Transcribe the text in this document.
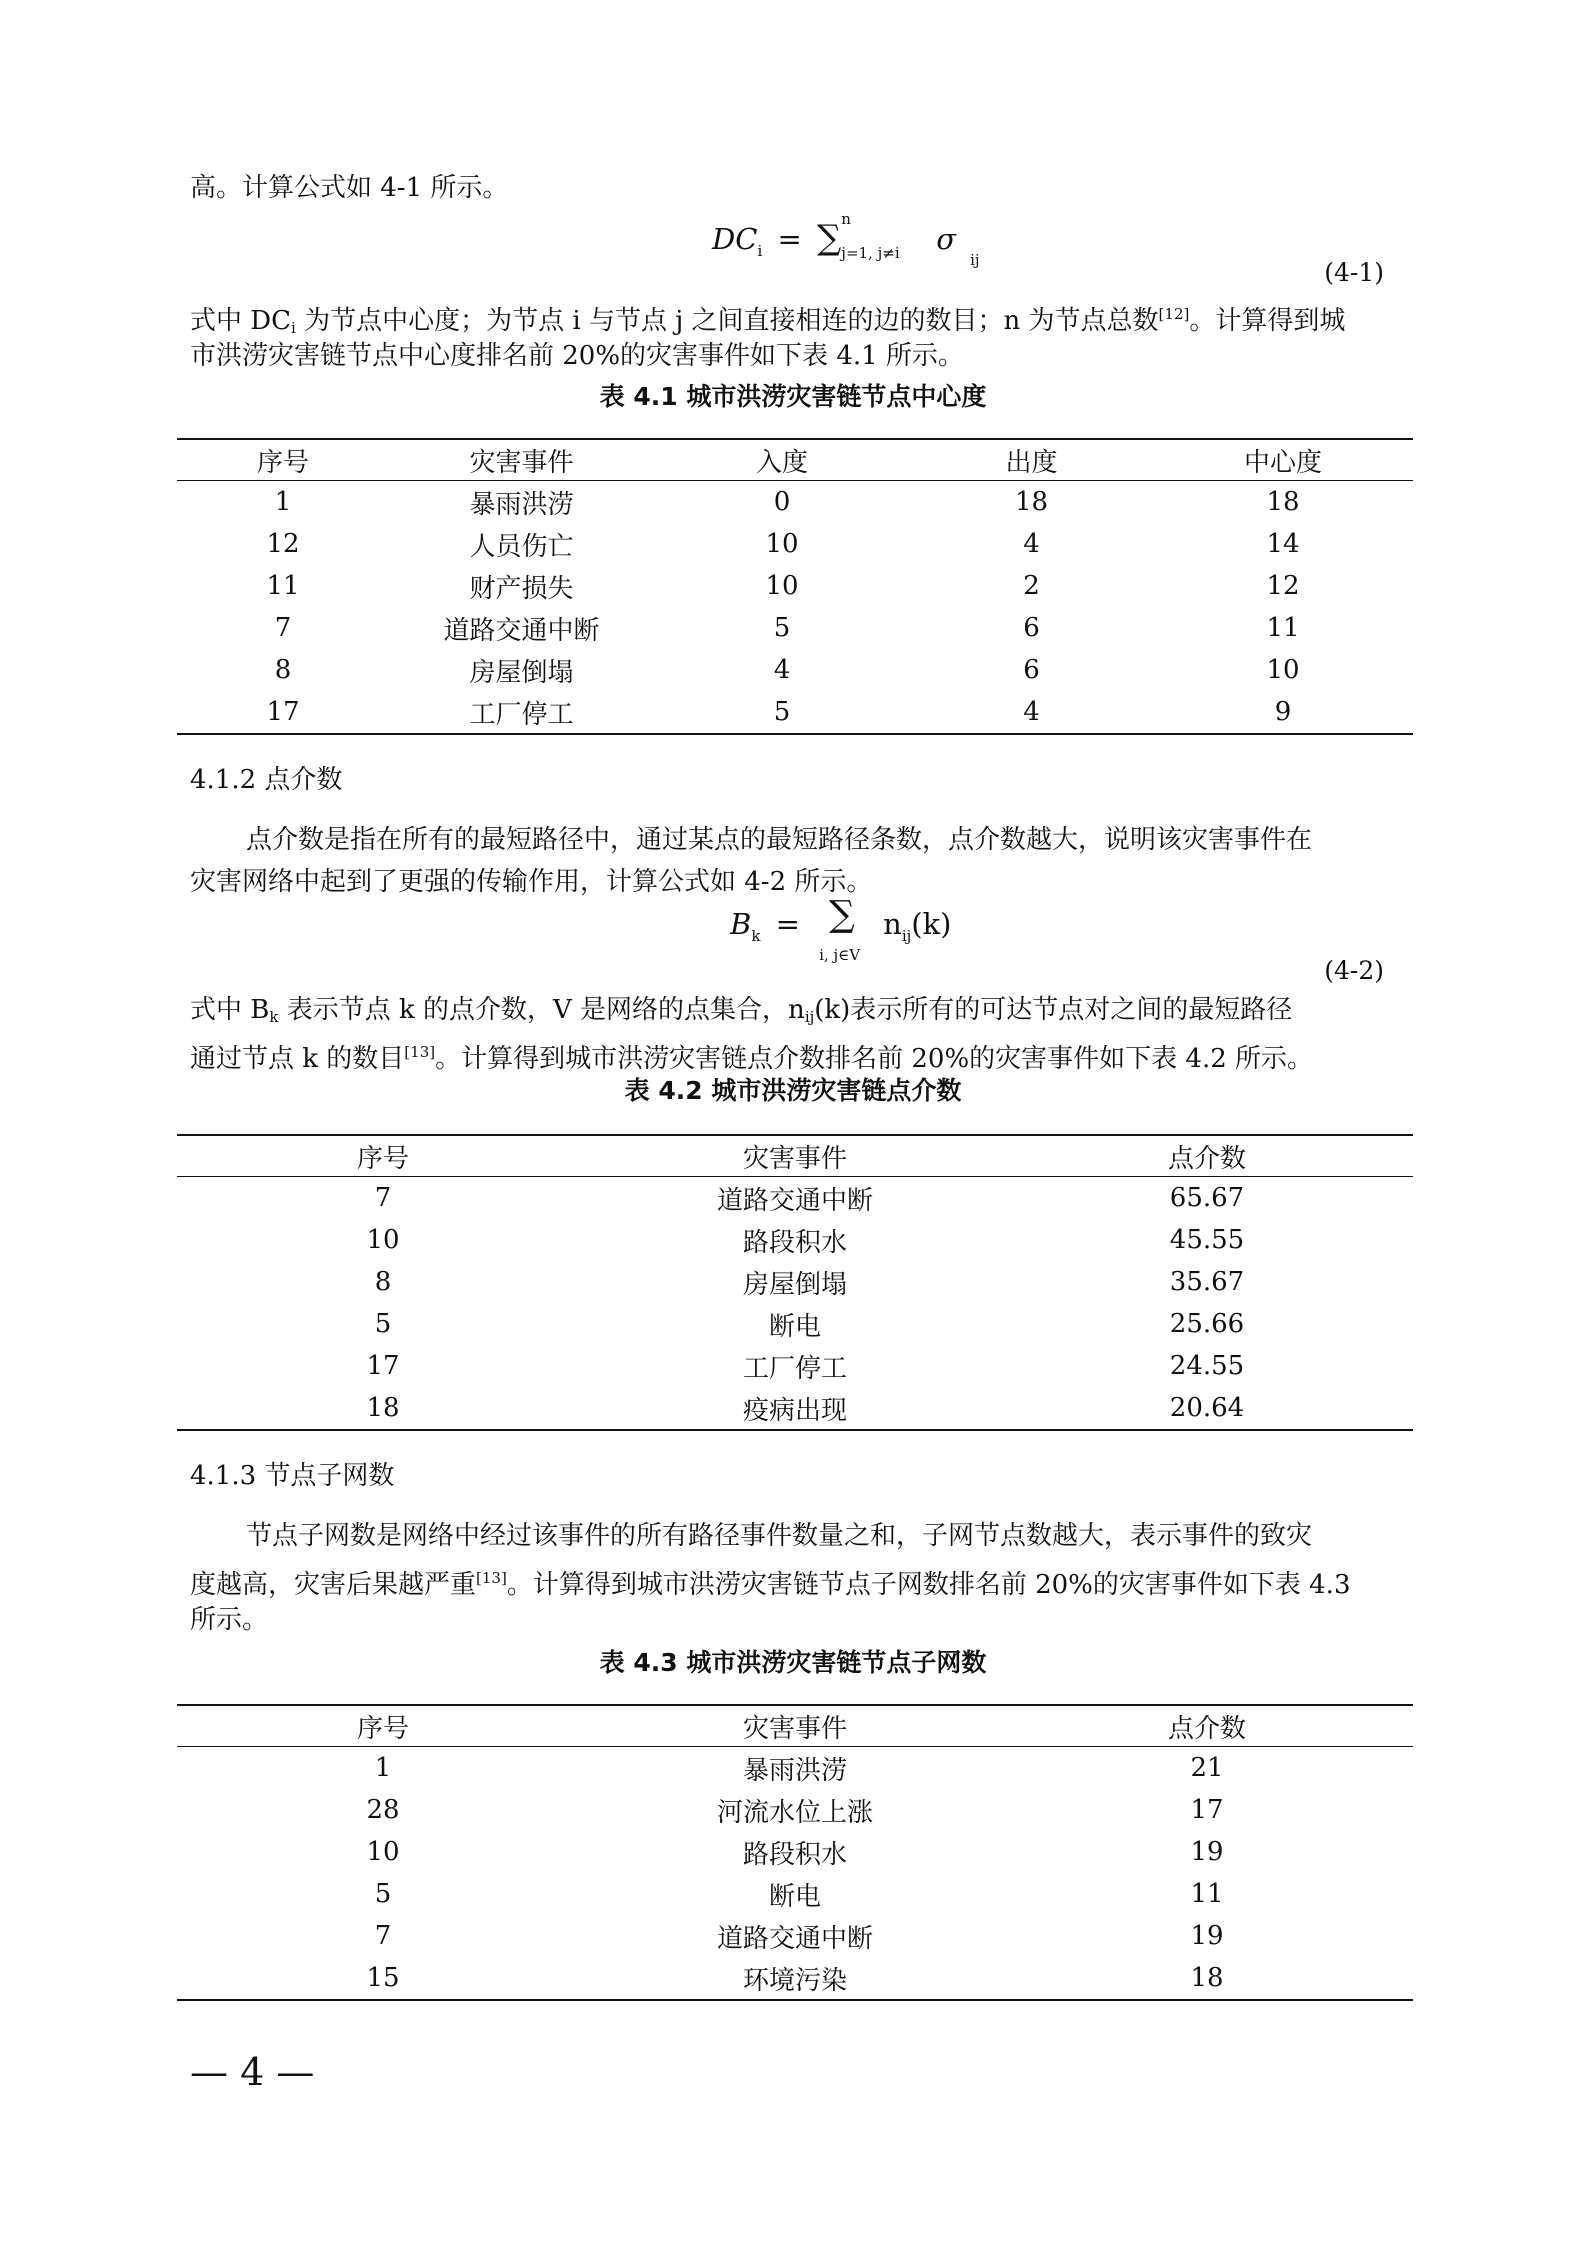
高。计算公式如 4-1 所示。
$DC_i$ = ∑ n
j=1, j≠i σij	(4-1)
式中 $DC_i$ 为节点中心度；为节点 i 与节点 j 之间直接相连的边的数目；n 为节点总数[12]。计算得到城
市洪涝灾害链节点中心度排名前 20%的灾害事件如下表 4.1 所示。
表 4.1 城市洪涝灾害链节点中心度
序号	灾害事件	入度	出度	中心度
1	暴雨洪涝	0	18	18
12	人员伤亡	10	4	14
11	财产损失	10	2	12
7	道路交通中断	5	6	11
8	房屋倒塌	4	6	10
17	工厂停工	5	4	9
4.1.2 点介数
点介数是指在所有的最短路径中，通过某点的最短路径条数，点介数越大，说明该灾害事件在
灾害网络中起到了更强的传输作用，计算公式如 4-2 所示。
$B_k$ = ∑
i, j∈V
$n_{ij}(k)$
(4-2)
式中 $B_k$ 表示节点 k 的点介数，V 是网络的点集合，$n_{ij}(k)$表示所有的可达节点对之间的最短路径
通过节点 k 的数目[13]。计算得到城市洪涝灾害链点介数排名前 20%的灾害事件如下表 4.2 所示。
表 4.2 城市洪涝灾害链点介数
序号	灾害事件	点介数
7	道路交通中断	65.67
10	路段积水	45.55
8	房屋倒塌	35.67
5	断电	25.66
17	工厂停工	24.55
18	疫病出现	20.64
4.1.3 节点子网数
节点子网数是网络中经过该事件的所有路径事件数量之和，子网节点数越大，表示事件的致灾
度越高，灾害后果越严重[13]。计算得到城市洪涝灾害链节点子网数排名前 20%的灾害事件如下表 4.3
所示。
表 4.3 城市洪涝灾害链节点子网数
序号	灾害事件	点介数
1	暴雨洪涝	21
28	河流水位上涨	17
10	路段积水	19
5	断电	11
7	道路交通中断	19
15	环境污染	18
— 4 —
